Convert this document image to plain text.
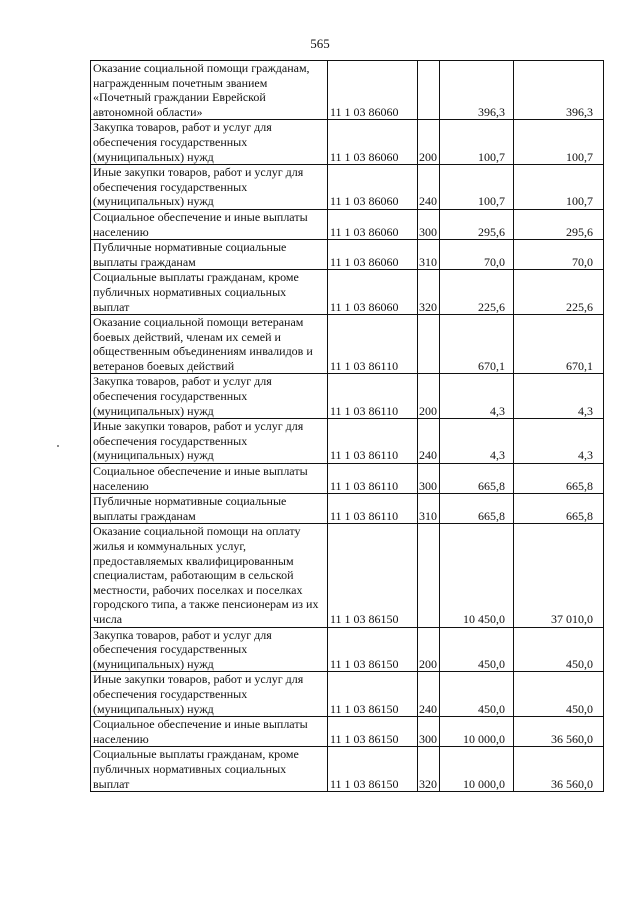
565
Оказание социальной помощи гражданам, награжденным почетным званием «Почетный граждании Еврейской автономной области»	11 1 03 86060		396,3	396,3
Закупка товаров, работ и услуг для обеспечения государственных (муниципальных) нужд	11 1 03 86060	200	100,7	100,7
Иные закупки товаров, работ и услуг для обеспечения государственных (муниципальных) нужд	11 1 03 86060	240	100,7	100,7
Социальное обеспечение и иные выплаты населению	11 1 03 86060	300	295,6	295,6
Публичные нормативные социальные выплаты гражданам	11 1 03 86060	310	70,0	70,0
Социальные выплаты гражданам, кроме публичных нормативных социальных выплат	11 1 03 86060	320	225,6	225,6
Оказание социальной помощи ветеранам боевых действий, членам их семей и общественным объединениям инвалидов и ветеранов боевых действий	11 1 03 86110		670,1	670,1
Закупка товаров, работ и услуг для обеспечения государственных (муниципальных) нужд	11 1 03 86110	200	4,3	4,3
Иные закупки товаров, работ и услуг для обеспечения государственных (муниципальных) нужд	11 1 03 86110	240	4,3	4,3
Социальное обеспечение и иные выплаты населению	11 1 03 86110	300	665,8	665,8
Публичные нормативные социальные выплаты гражданам	11 1 03 86110	310	665,8	665,8
Оказание социальной помощи на оплату жилья и коммунальных услуг, предоставляемых квалифицированным специалистам, работающим в сельской местности, рабочих поселках и поселках городского типа, а также пенсионерам из их числа	11 1 03 86150		10 450,0	37 010,0
Закупка товаров, работ и услуг для обеспечения государственных (муниципальных) нужд	11 1 03 86150	200	450,0	450,0
Иные закупки товаров, работ и услуг для обеспечения государственных (муниципальных) нужд	11 1 03 86150	240	450,0	450,0
Социальное обеспечение и иные выплаты населению	11 1 03 86150	300	10 000,0	36 560,0
Социальные выплаты гражданам, кроме публичных нормативных социальных выплат	11 1 03 86150	320	10 000,0	36 560,0
